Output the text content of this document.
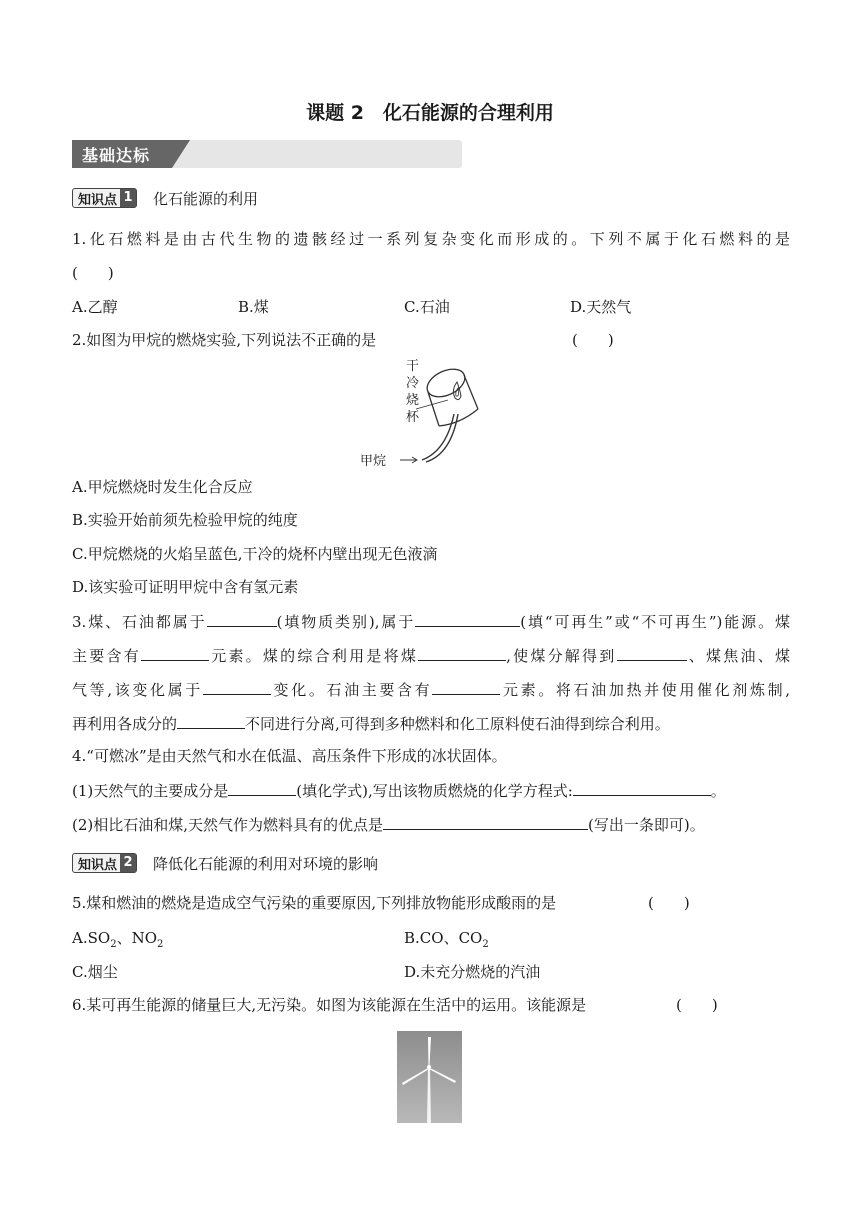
课题 2　化石能源的合理利用
基础达标
知识点 1 化石能源的利用
1.化石燃料是由古代生物的遗骸经过一系列复杂变化而形成的。下列不属于化石燃料的是
(　　)
A.乙醇	B.煤	C.石油	D.天然气
2.如图为甲烷的燃烧实验,下列说法不正确的是	(　　)
干
冷
烧
杯
甲烷
A.甲烷燃烧时发生化合反应
B.实验开始前须先检验甲烷的纯度
C.甲烷燃烧的火焰呈蓝色,干冷的烧杯内壁出现无色液滴
D.该实验可证明甲烷中含有氢元素
3.煤、石油都属于	(填物质类别),属于	(填“可再生”或“不可再生”)能源。煤
主要含有	元素。煤的综合利用是将煤	,使煤分解得到	、煤焦油、煤
气等,该变化属于	变化。石油主要含有	元素。将石油加热并使用催化剂炼制,
再利用各成分的	不同进行分离,可得到多种燃料和化工原料使石油得到综合利用。
4.“可燃冰”是由天然气和水在低温、高压条件下形成的冰状固体。
(1)天然气的主要成分是	(填化学式),写出该物质燃烧的化学方程式:	。
(2)相比石油和煤,天然气作为燃料具有的优点是	(写出一条即可)。
知识点 2 降低化石能源的利用对环境的影响
5.煤和燃油的燃烧是造成空气污染的重要原因,下列排放物能形成酸雨的是	(　　)
$A.SO_2$、$NO_2$	B.CO、$CO_2$
C.烟尘	D.未充分燃烧的汽油
6.某可再生能源的储量巨大,无污染。如图为该能源在生活中的运用。该能源是	(　　)
